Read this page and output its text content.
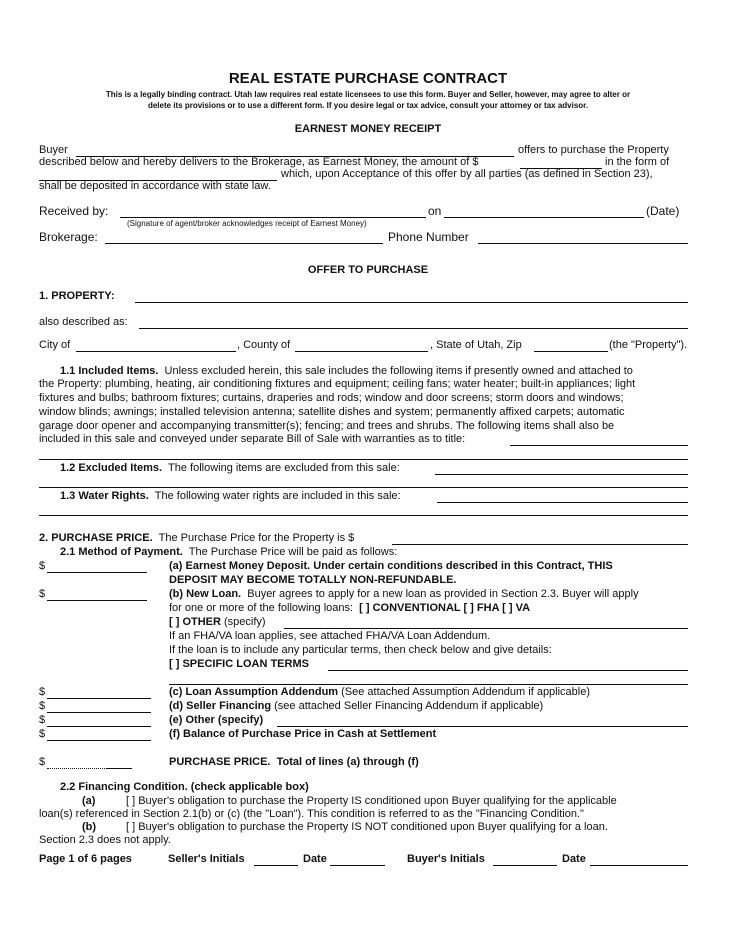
REAL ESTATE PURCHASE CONTRACT
This is a legally binding contract. Utah law requires real estate licensees to use this form. Buyer and Seller, however, may agree to alter or
delete its provisions or to use a different form. If you desire legal or tax advice, consult your attorney or tax advisor.
EARNEST MONEY RECEIPT
Buyer	offers to purchase the Property
described below and hereby delivers to the Brokerage, as Earnest Money, the amount of $	in the form of
which, upon Acceptance of this offer by all parties (as defined in Section 23),
shall be deposited in accordance with state law.
Received by:	on	(Date)
(Signature of agent/broker acknowledges receipt of Earnest Money)
Brokerage:	Phone Number
OFFER TO PURCHASE
1. PROPERTY:
also described as:
City of	, County of	, State of Utah, Zip	(the "Property").
1.1 Included Items. Unless excluded herein, this sale includes the following items if presently owned and attached to
the Property: plumbing, heating, air conditioning fixtures and equipment; ceiling fans; water heater; built-in appliances; light
fixtures and bulbs; bathroom fixtures; curtains, draperies and rods; window and door screens; storm doors and windows;
window blinds; awnings; installed television antenna; satellite dishes and system; permanently affixed carpets; automatic
garage door opener and accompanying transmitter(s); fencing; and trees and shrubs. The following items shall also be
included in this sale and conveyed under separate Bill of Sale with warranties as to title:
1.2 Excluded Items. The following items are excluded from this sale:
1.3 Water Rights. The following water rights are included in this sale:
2. PURCHASE PRICE. The Purchase Price for the Property is $
2.1 Method of Payment. The Purchase Price will be paid as follows:
$	(a) Earnest Money Deposit. Under certain conditions described in this Contract, THIS
DEPOSIT MAY BECOME TOTALLY NON-REFUNDABLE.
$	(b) New Loan. Buyer agrees to apply for a new loan as provided in Section 2.3. Buyer will apply
for one or more of the following loans: [ ] CONVENTIONAL [ ] FHA [ ] VA
[ ] OTHER (specify)
If an FHA/VA loan applies, see attached FHA/VA Loan Addendum.
If the loan is to include any particular terms, then check below and give details:
[ ] SPECIFIC LOAN TERMS
$	(c) Loan Assumption Addendum (See attached Assumption Addendum if applicable)
$	(d) Seller Financing (see attached Seller Financing Addendum if applicable)
$	(e) Other (specify)
$	(f) Balance of Purchase Price in Cash at Settlement
$	PURCHASE PRICE. Total of lines (a) through (f)
2.2 Financing Condition. (check applicable box)
(a)	[ ] Buyer's obligation to purchase the Property IS conditioned upon Buyer qualifying for the applicable
loan(s) referenced in Section 2.1(b) or (c) (the "Loan"). This condition is referred to as the "Financing Condition."
(b)	[ ] Buyer's obligation to purchase the Property IS NOT conditioned upon Buyer qualifying for a loan.
Section 2.3 does not apply.
Page 1 of 6 pages	Seller's Initials	Date	Buyer's Initials	Date
